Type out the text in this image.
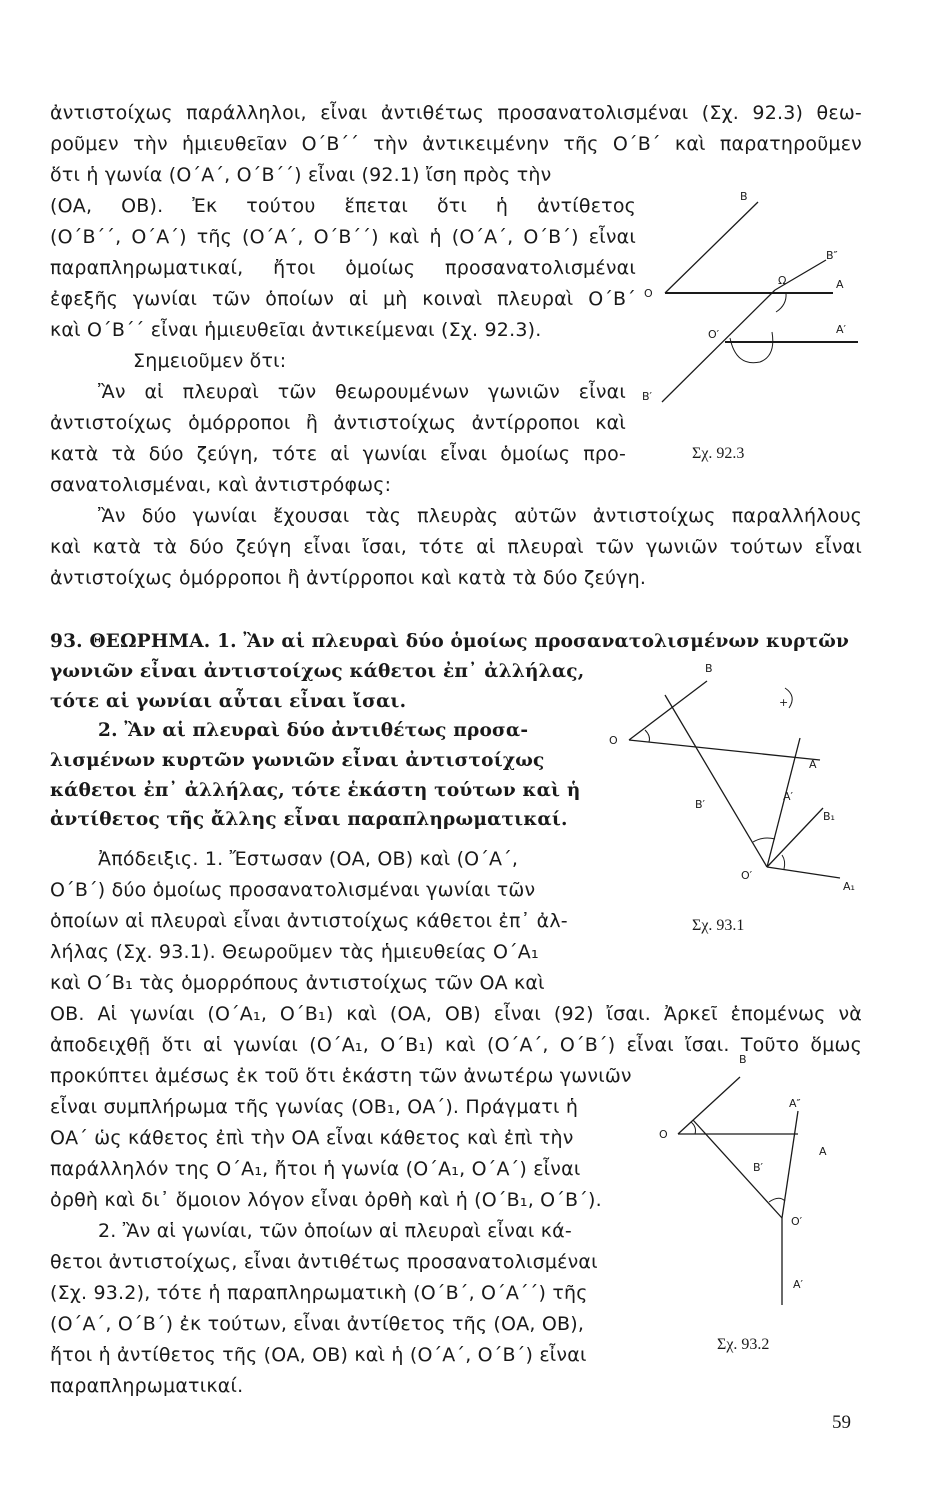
ἀντιστοίχως παράλληλοι, εἶναι ἀντιθέτως προσανατολισμέναι (Σχ. 92.3) θεω-
ροῦμεν τὴν ἡμιευθεῖαν Ο΄Β΄΄ τὴν ἀντικειμένην τῆς Ο΄Β΄ καὶ παρατηροῦμεν
ὅτι ἡ γωνία (Ο΄Α΄, Ο΄Β΄΄) εἶναι (92.1) ἴση πρὸς τὴν
(ΟΑ, ΟΒ). Ἐκ τούτου ἕπεται ὅτι ἡ ἀντίθετος
(Ο΄Β΄΄, Ο΄Α΄) τῆς (Ο΄Α΄, Ο΄Β΄΄) καὶ ἡ (Ο΄Α΄, Ο΄Β΄) εἶναι
παραπληρωματικαί, ἤτοι ὁμοίως προσανατολισμέναι
ἐφεξῆς γωνίαι τῶν ὁποίων αἱ μὴ κοιναὶ πλευραὶ Ο΄Β΄
καὶ Ο΄Β΄΄ εἶναι ἡμιευθεῖαι ἀντικείμεναι (Σχ. 92.3).
Σημειοῦμεν ὅτι:
Ἂν αἱ πλευραὶ τῶν θεωρουμένων γωνιῶν εἶναι
ἀντιστοίχως ὁμόρροποι ἢ ἀντιστοίχως ἀντίρροποι καὶ
κατὰ τὰ δύο ζεύγη, τότε αἱ γωνίαι εἶναι ὁμοίως προ-
σανατολισμέναι, καὶ ἀντιστρόφως:
Ἂν δύο γωνίαι ἔχουσαι τὰς πλευρὰς αὐτῶν ἀντιστοίχως παραλλήλους
καὶ κατὰ τὰ δύο ζεύγη εἶναι ἴσαι, τότε αἱ πλευραὶ τῶν γωνιῶν τούτων εἶναι
ἀντιστοίχως ὁμόρροποι ἢ ἀντίρροποι καὶ κατὰ τὰ δύο ζεύγη.
93. ΘΕΩΡΗΜΑ. 1. Ἂν αἱ πλευραὶ δύο ὁμοίως προσανατολισμένων κυρτῶν
γωνιῶν εἶναι ἀντιστοίχως κάθετοι ἐπ᾽ ἀλλήλας,
τότε αἱ γωνίαι αὗται εἶναι ἴσαι.
2. Ἂν αἱ πλευραὶ δύο ἀντιθέτως προσα-
λισμένων κυρτῶν γωνιῶν εἶναι ἀντιστοίχως
κάθετοι ἐπ᾽ ἀλλήλας, τότε ἑκάστη τούτων καὶ ἡ
ἀντίθετος τῆς ἄλλης εἶναι παραπληρωματικαί.
Ἀπόδειξις. 1. Ἔστωσαν (ΟΑ, ΟΒ) καὶ (Ο΄Α΄,
Ο΄Β΄) δύο ὁμοίως προσανατολισμέναι γωνίαι τῶν
ὁποίων αἱ πλευραὶ εἶναι ἀντιστοίχως κάθετοι ἐπ᾽ ἀλ-
λήλας (Σχ. 93.1). Θεωροῦμεν τὰς ἡμιευθείας Ο΄Α₁
καὶ Ο΄Β₁ τὰς ὁμορρόπους ἀντιστοίχως τῶν ΟΑ καὶ
ΟΒ. Αἱ γωνίαι (Ο΄Α₁, Ο΄Β₁) καὶ (ΟΑ, ΟΒ) εἶναι (92) ἴσαι. Ἀρκεῖ ἑπομένως νὰ
ἀποδειχθῇ ὅτι αἱ γωνίαι (Ο΄Α₁, Ο΄Β₁) καὶ (Ο΄Α΄, Ο΄Β΄) εἶναι ἴσαι. Τοῦτο ὅμως
προκύπτει ἀμέσως ἐκ τοῦ ὅτι ἑκάστη τῶν ἀνωτέρω γωνιῶν
εἶναι συμπλήρωμα τῆς γωνίας (ΟΒ₁, ΟΑ΄). Πράγματι ἡ
ΟΑ΄ ὡς κάθετος ἐπὶ τὴν ΟΑ εἶναι κάθετος καὶ ἐπὶ τὴν
παράλληλόν της Ο΄Α₁, ἤτοι ἡ γωνία (Ο΄Α₁, Ο΄Α΄) εἶναι
ὀρθὴ καὶ δι᾽ ὅμοιον λόγον εἶναι ὀρθὴ καὶ ἡ (Ο΄Β₁, Ο΄Β΄).
2. Ἂν αἱ γωνίαι, τῶν ὁποίων αἱ πλευραὶ εἶναι κά-
θετοι ἀντιστοίχως, εἶναι ἀντιθέτως προσανατολισμέναι
(Σχ. 93.2), τότε ἡ παραπληρωματικὴ (Ο΄Β΄, Ο΄Α΄΄) τῆς
(Ο΄Α΄, Ο΄Β΄) ἐκ τούτων, εἶναι ἀντίθετος τῆς (ΟΑ, ΟΒ),
ἤτοι ἡ ἀντίθετος τῆς (ΟΑ, ΟΒ) καὶ ἡ (Ο΄Α΄, Ο΄Β΄) εἶναι
παραπληρωματικαί.
B
B″
Ω	A
O
O′	A′
B′
Σχ. 92.3
B
+
O
A
A′
B′
B₁
O′
A₁
Σχ. 93.1
B
A″
O
A
B′
O′
A′
Σχ. 93.2
59
